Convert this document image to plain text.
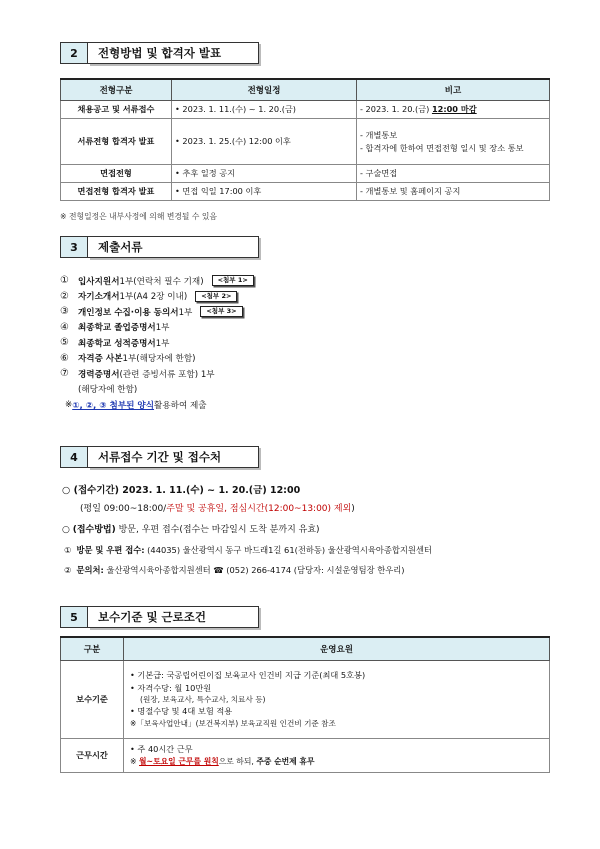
2	전형방법 및 합격자 발표
전형구분	전형일정	비고
채용공고 및 서류접수	• 2023. 1. 11.(수) ~ 1. 20.(금)	- 2023. 1. 20.(금) 12:00 마감
서류전형 합격자 발표	• 2023. 1. 25.(수) 12:00 이후	- 개별통보
- 합격자에 한하여 면접전형 일시 및 장소 통보

면접전형	• 추후 일정 공지	- 구술면접
면접전형 합격자 발표	• 면접 익일 17:00 이후	- 개별통보 및 홈페이지 공지
※ 전형일정은 내부사정에 의해 변경될 수 있음
3	제출서류
①	입사지원서 1부(연락처 필수 기재)	<첨부 1>
②	자기소개서 1부(A4 2장 이내)	<첨부 2>
③	개인정보 수집·이용 동의서 1부	<첨부 3>
④	최종학교 졸업증명서 1부
⑤	최종학교 성적증명서 1부
⑥	자격증 사본 1부(해당자에 한함)
⑦	경력증명서 (관련 증빙서류 포함) 1부
(해당자에 한함)
※ ①, ②, ③ 첨부된 양식 활용하여 제출
4	서류접수 기간 및 접수처
○ (접수기간) 2023. 1. 11.(수) ~ 1. 20.(금) 12:00
(평일 09:00~18:00/주말 및 공휴일, 점심시간(12:00~13:00) 제외)
○ (접수방법) 방문, 우편 접수(접수는 마감일시 도착 분까지 유효)
① 방문 및 우편 접수: (44035) 울산광역시 동구 바드래1길 61(전하동) 울산광역시육아종합지원센터
② 문의처: 울산광역시육아종합지원센터 ☎ (052) 266-4174 (담당자: 시설운영팀장 한우리)
5	보수기준 및 근로조건
구분	운영요원
보수기준	• 기본급: 국공립어린이집 보육교사 인건비 지급 기준(최대 5호봉)
• 자격수당: 월 10만원
(원장, 보육교사, 특수교사, 치료사 등)
• 명절수당 및 4대 보험 적용
※「보육사업안내」(보건복지부) 보육교직원 인건비 기준 참조

근무시간	• 주 40시간 근무
※ 월~토요일 근무를 원칙으로 하되, 주중 순번제 휴무
